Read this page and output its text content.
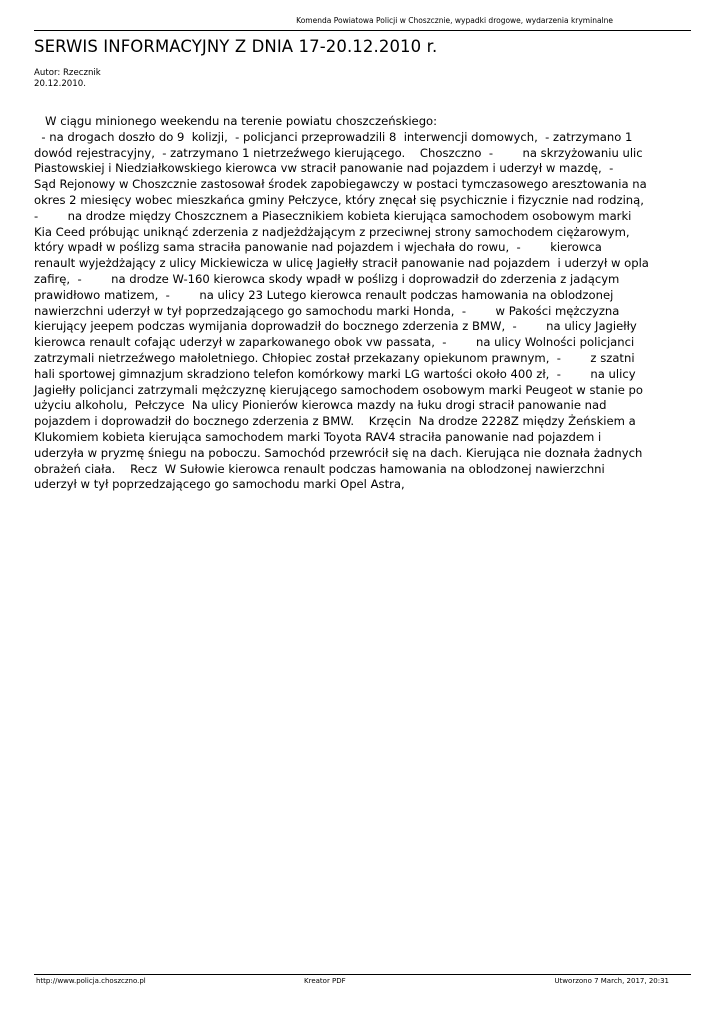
Komenda Powiatowa Policji w Choszcznie, wypadki drogowe, wydarzenia kryminalne
SERWIS INFORMACYJNY Z DNIA 17-20.12.2010 r.
Autor: Rzecznik
20.12.2010.
W ciągu minionego weekendu na terenie powiatu choszczeńskiego:
- na drogach doszło do 9  kolizji,  - policjanci przeprowadzili 8  interwencji domowych,  - zatrzymano 1
dowód rejestracyjny,  - zatrzymano 1 nietrzeźwego kierującego.    Choszczno  -        na skrzyżowaniu ulic
Piastowskiej i Niedziałkowskiego kierowca vw stracił panowanie nad pojazdem i uderzył w mazdę,  -
Sąd Rejonowy w Choszcznie zastosował środek zapobiegawczy w postaci tymczasowego aresztowania na
okres 2 miesięcy wobec mieszkańca gminy Pełczyce, który znęcał się psychicznie i fizycznie nad rodziną,
-        na drodze między Choszcznem a Piasecznikiem kobieta kierująca samochodem osobowym marki
Kia Ceed próbując uniknąć zderzenia z nadjeżdżającym z przeciwnej strony samochodem ciężarowym,
który wpadł w poślizg sama straciła panowanie nad pojazdem i wjechała do rowu,  -        kierowca
renault wyjeżdżający z ulicy Mickiewicza w ulicę Jagiełły stracił panowanie nad pojazdem  i uderzył w opla
zafirę,  -        na drodze W-160 kierowca skody wpadł w poślizg i doprowadził do zderzenia z jadącym
prawidłowo matizem,  -        na ulicy 23 Lutego kierowca renault podczas hamowania na oblodzonej
nawierzchni uderzył w tył poprzedzającego go samochodu marki Honda,  -        w Pakości mężczyzna
kierujący jeepem podczas wymijania doprowadził do bocznego zderzenia z BMW,  -        na ulicy Jagiełły
kierowca renault cofając uderzył w zaparkowanego obok vw passata,  -        na ulicy Wolności policjanci
zatrzymali nietrzeźwego małoletniego. Chłopiec został przekazany opiekunom prawnym,  -        z szatni
hali sportowej gimnazjum skradziono telefon komórkowy marki LG wartości około 400 zł,  -        na ulicy
Jagiełły policjanci zatrzymali mężczyznę kierującego samochodem osobowym marki Peugeot w stanie po
użyciu alkoholu,  Pełczyce  Na ulicy Pionierów kierowca mazdy na łuku drogi stracił panowanie nad
pojazdem i doprowadził do bocznego zderzenia z BMW.    Krzęcin  Na drodze 2228Z między Żeńskiem a
Klukomiem kobieta kierująca samochodem marki Toyota RAV4 straciła panowanie nad pojazdem i
uderzyła w pryzmę śniegu na poboczu. Samochód przewrócił się na dach. Kierująca nie doznała żadnych
obrażeń ciała.    Recz  W Sułowie kierowca renault podczas hamowania na oblodzonej nawierzchni
uderzył w tył poprzedzającego go samochodu marki Opel Astra,
http://www.policja.choszczno.pl	Kreator PDF	Utworzono 7 March, 2017, 20:31
